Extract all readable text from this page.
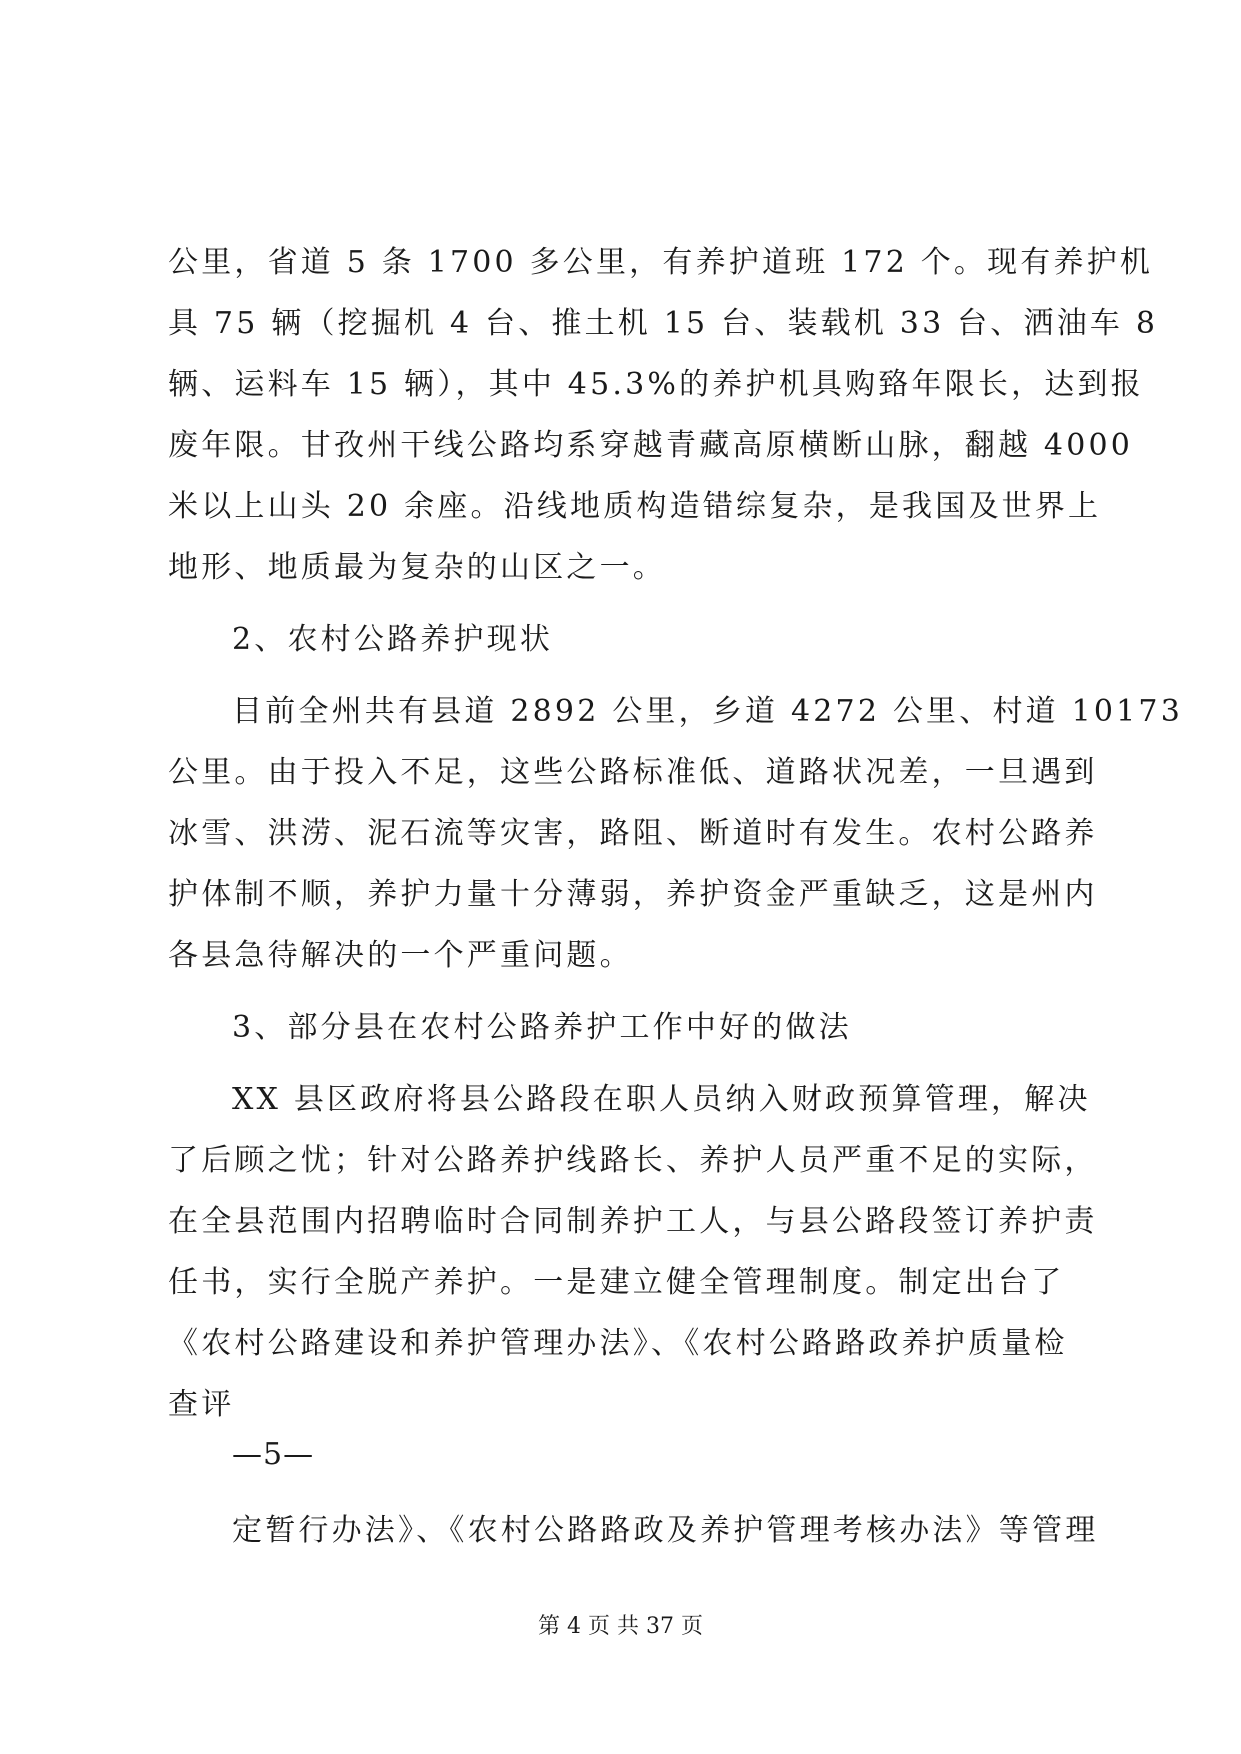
公里，省道 5 条 1700 多公里，有养护道班 172 个。现有养护机
具 75 辆（挖掘机 4 台、推土机 15 台、装载机 33 台、洒油车 8
辆、运料车 15 辆），其中 45.3%的养护机具购臵年限长，达到报
废年限。甘孜州干线公路均系穿越青藏高原横断山脉，翻越 4000
米以上山头 20 余座。沿线地质构造错综复杂，是我国及世界上
地形、地质最为复杂的山区之一。
2、农村公路养护现状
目前全州共有县道 2892 公里，乡道 4272 公里、村道 10173
公里。由于投入不足，这些公路标准低、道路状况差，一旦遇到
冰雪、洪涝、泥石流等灾害，路阻、断道时有发生。农村公路养
护体制不顺，养护力量十分薄弱，养护资金严重缺乏，这是州内
各县急待解决的一个严重问题。
3、部分县在农村公路养护工作中好的做法
XX 县区政府将县公路段在职人员纳入财政预算管理，解决
了后顾之忧；针对公路养护线路长、养护人员严重不足的实际，
在全县范围内招聘临时合同制养护工人，与县公路段签订养护责
任书，实行全脱产养护。一是建立健全管理制度。制定出台了
《农村公路建设和养护管理办法》、《农村公路路政养护质量检
查评
—5—
定暂行办法》、《农村公路路政及养护管理考核办法》等管理
第 4 页 共 37 页
